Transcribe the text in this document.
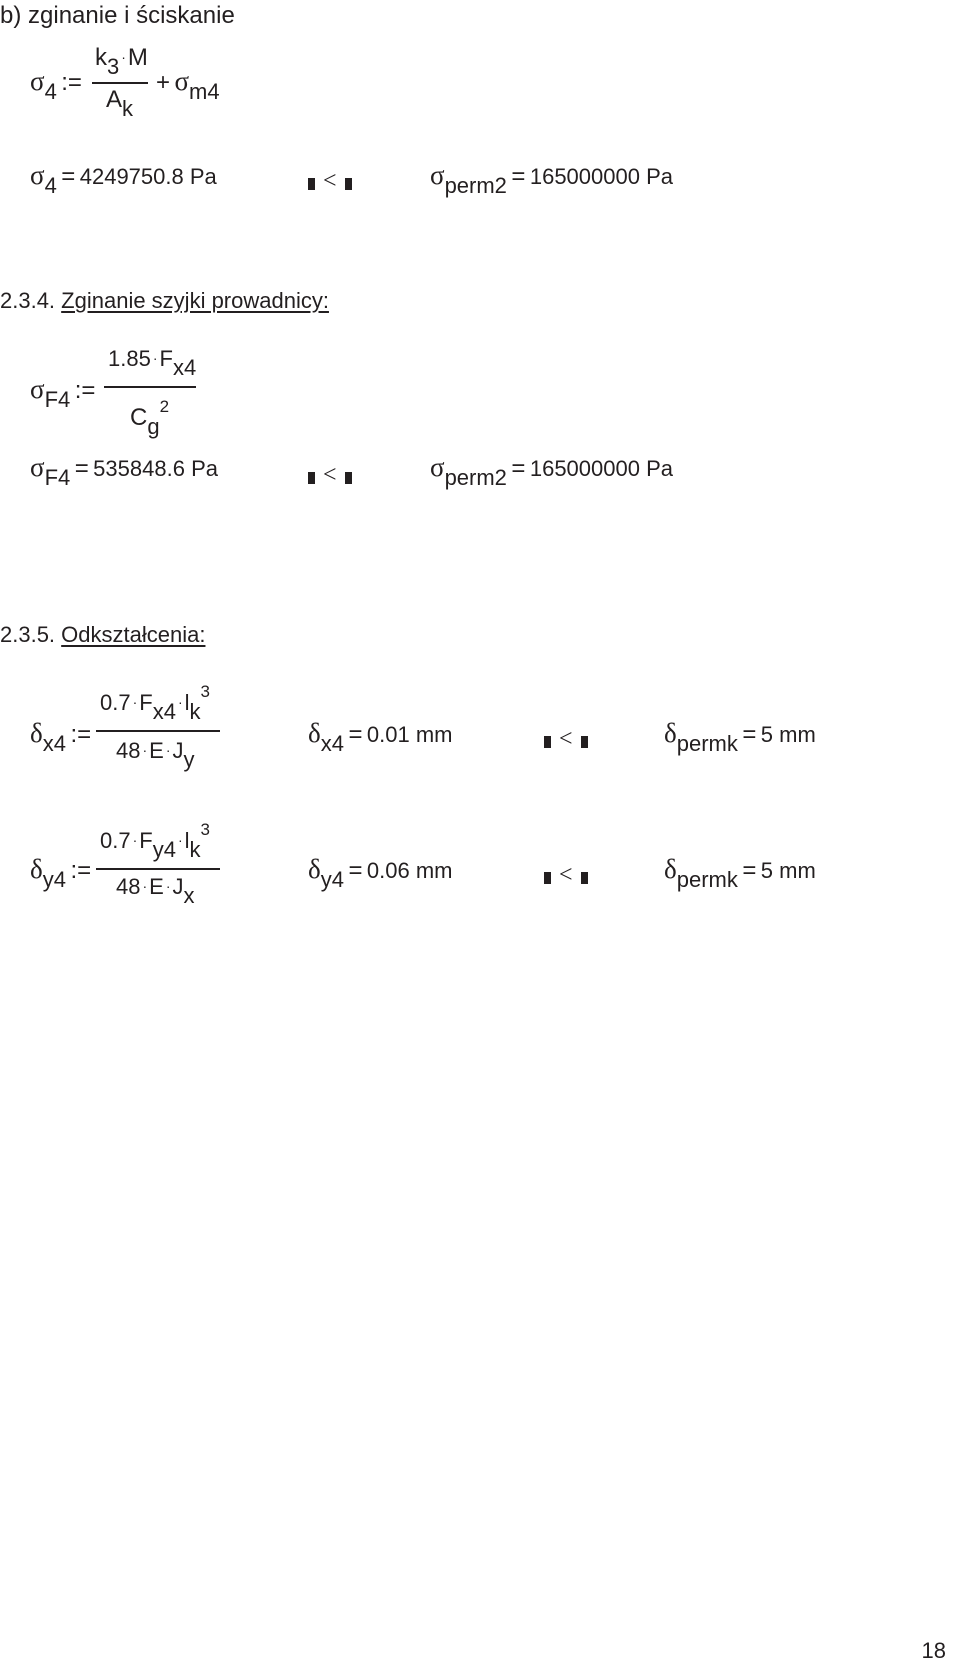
b) zginanie i ściskanie
σ4 :=
k3 ·M
Ak
+ σm4
σ4 = 4249750.8 Pa	<	σperm2 = 165000000 Pa
2.3.4. Zginanie szyjki prowadnicy:
σF4 :=
1.85 ·Fx4
Cg$^2$
σF4 = 535848.6 Pa	<	σperm2 = 165000000 Pa
2.3.5. Odkształcenia:
δx4 :=
$0.7 \cdot Fx4 \cdot lk^3$
48 ·E ·Jy
δx4 = 0.01 mm	<	δpermk = 5 mm
δy4 :=
$0.7 \cdot Fy4 \cdot lk^3$
48 ·E ·Jx
δy4 = 0.06 mm	<	δpermk = 5 mm
18
